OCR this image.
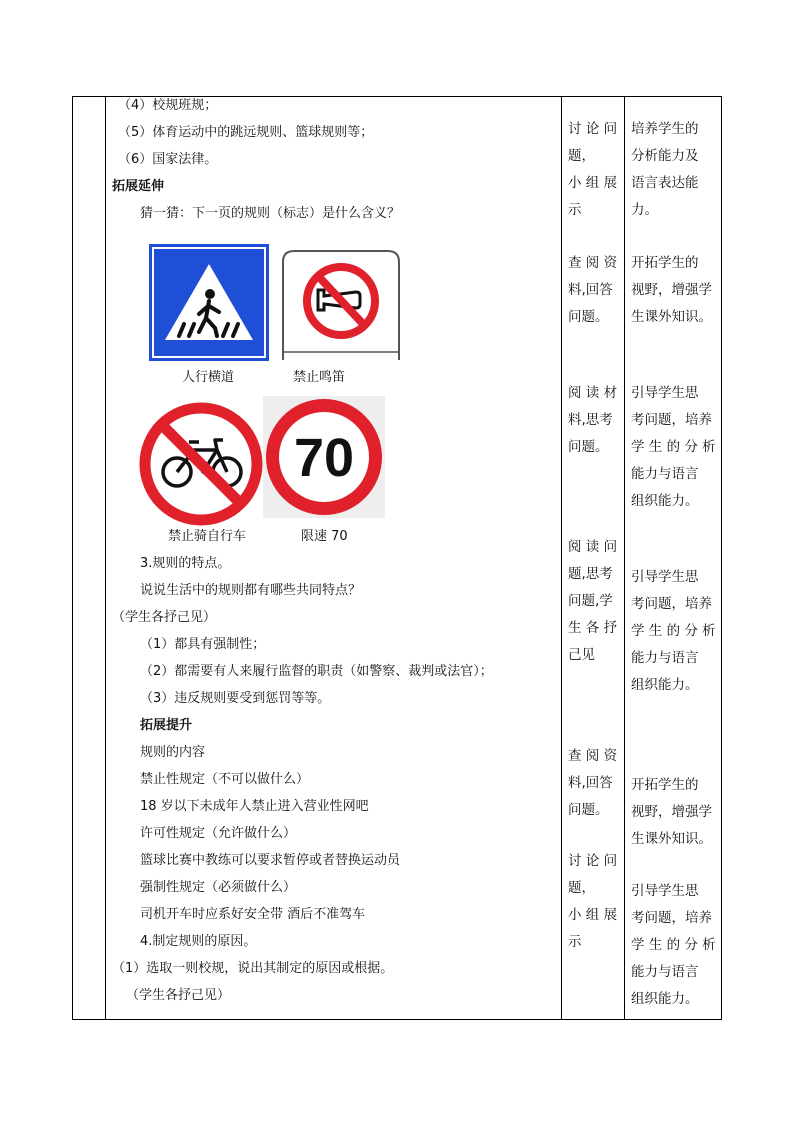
（4）校规班规；
（5）体育运动中的跳远规则、篮球规则等；
（6）国家法律。
拓展延伸
猜一猜：下一页的规则（标志）是什么含义？
人行横道	禁止鸣笛
70
禁止骑自行车	限速 70
3.规则的特点。
说说生活中的规则都有哪些共同特点？
（学生各抒己见）
（1）都具有强制性；
（2）都需要有人来履行监督的职责（如警察、裁判或法官）；
（3）违反规则要受到惩罚等等。
拓展提升
规则的内容
禁止性规定（不可以做什么）
18 岁以下未成年人禁止进入营业性网吧
许可性规定（允许做什么）
篮球比赛中教练可以要求暂停或者替换运动员
强制性规定（必须做什么）
司机开车时应系好安全带 酒后不准驾车
4.制定规则的原因。
（1）选取一则校规，说出其制定的原因或根据。
（学生各抒己见）
讨 论 问
题，
小 组 展
示
查 阅 资
料,回答
问题。
阅 读 材
料,思考
问题。
阅 读 问
题,思考
问题,学
生 各 抒
己见
查 阅 资
料,回答
问题。
讨 论 问
题，
小 组 展
示
培养学生的
分析能力及
语言表达能
力。
开拓学生的
视野，增强学
生课外知识。
引导学生思
考问题，培养
学 生 的 分 析
能力与语言
组织能力。
引导学生思
考问题，培养
学 生 的 分 析
能力与语言
组织能力。
开拓学生的
视野，增强学
生课外知识。
引导学生思
考问题，培养
学 生 的 分 析
能力与语言
组织能力。
